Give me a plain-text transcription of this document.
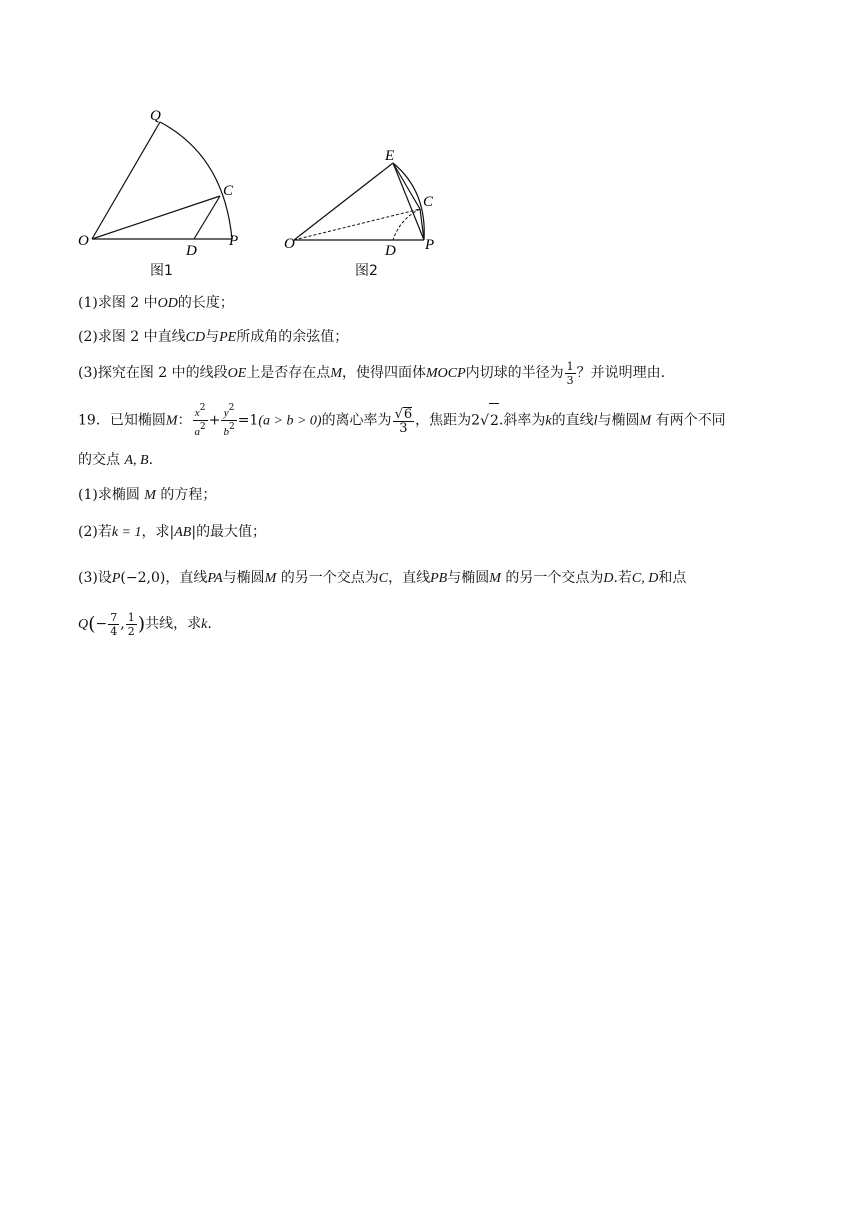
Q
C
O
D
P
图1
E
C
O	D P
图2
(1)求图 2 中OD的长度；
(2)求图 2 中直线CD与PE所成角的余弦值；
(3)探究在图 2 中的线段OE上是否存在点M，使得四面体MOCP内切球的半径为 $\frac{1}{3}$ ？并说明理由.
19．已知椭圆M： $\frac{x^2}{a^2} + \frac{y^2}{b^2} =1(a > b > 0)$的离心率为 $\frac{√6}{3}$ ，焦距为2√2.斜率为k的直线l与椭圆M 有两个不同
的交点 A, B.
(1)求椭圆 M 的方程；
(2)若k = 1，求|AB|的最大值；
(3)设P(−2,0)，直线PA与椭圆M 的另一个交点为C，直线PB与椭圆M 的另一个交点为D.若C, D和点
$Q(- \frac{7}{4}$ , $\frac{1}{2}$ )共线，求k.
